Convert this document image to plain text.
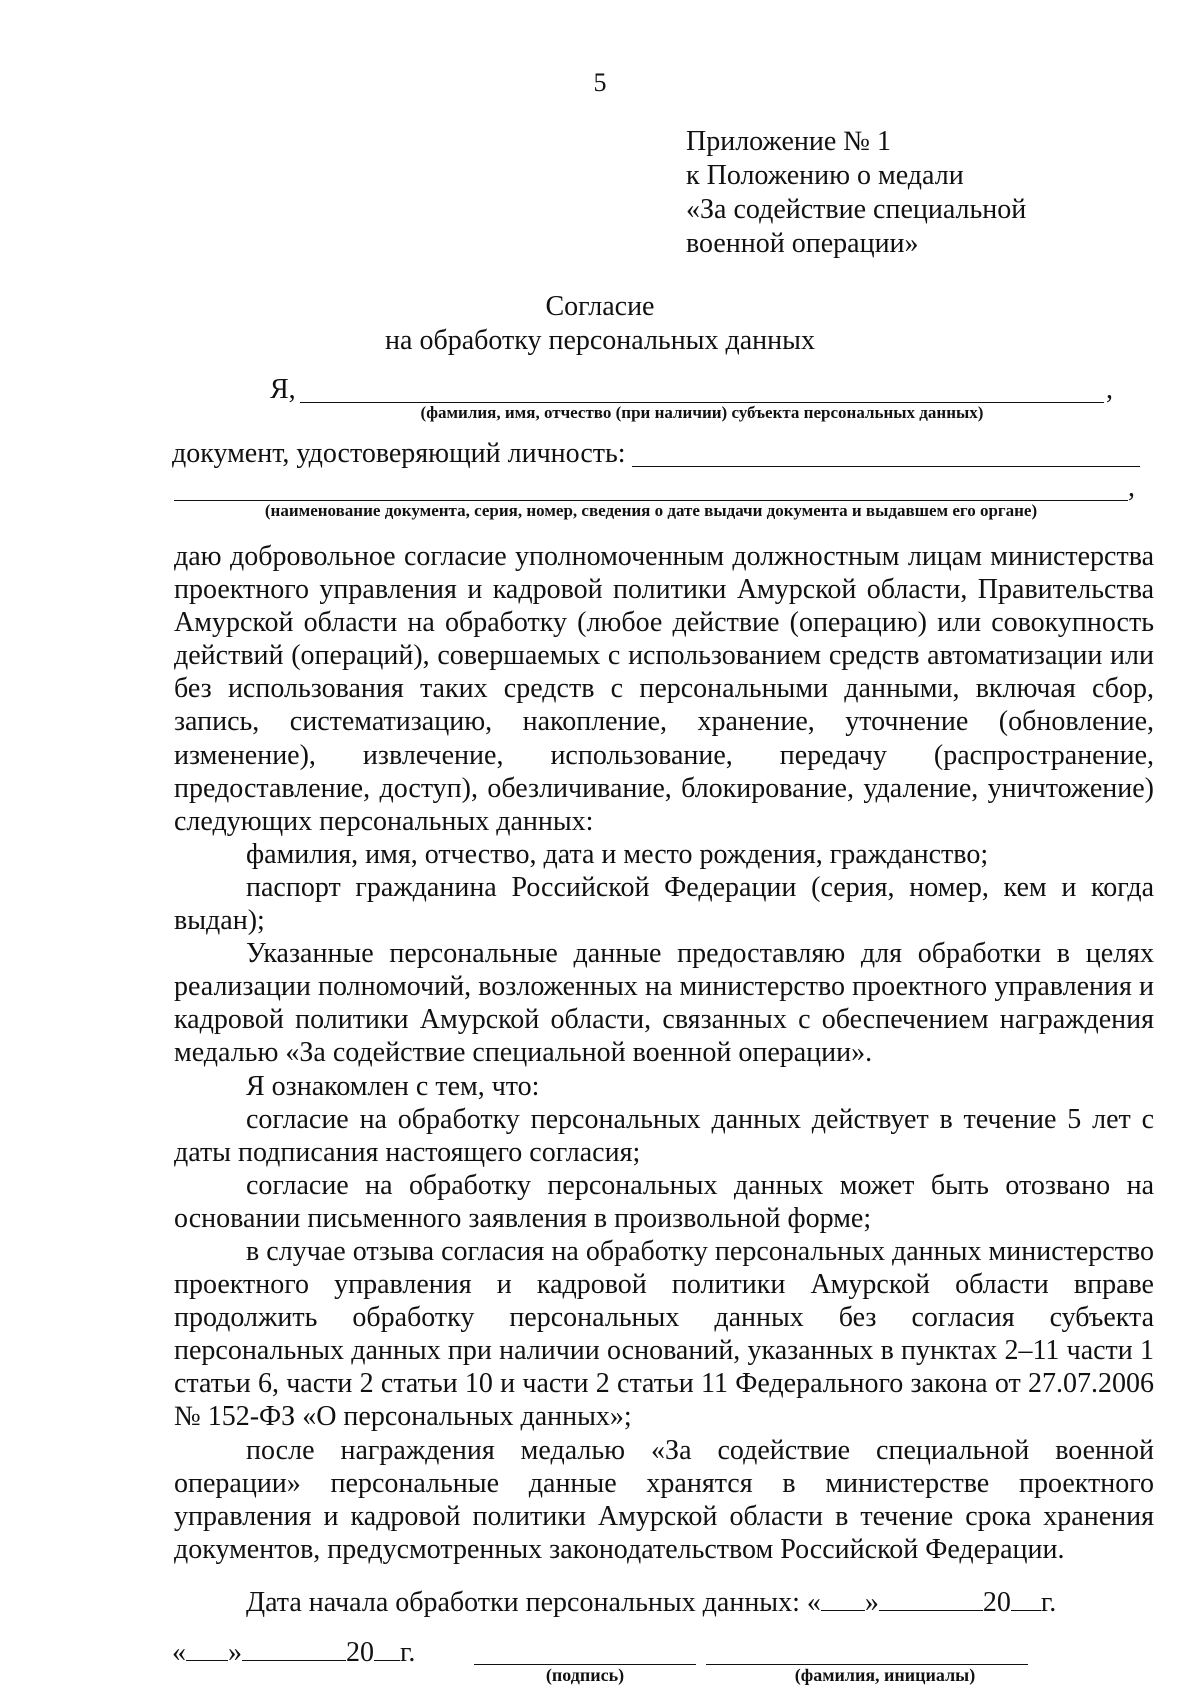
5
Приложение № 1
к Положению о медали
«За содействие специальной
военной операции»
Согласие
на обработку персональных данных
Я,	,
(фамилия, имя, отчество (при наличии) субъекта персональных данных)
документ, удостоверяющий личность:
,
(наименование документа, серия, номер, сведения о дате выдачи документа и выдавшем его органе)

даю добровольное согласие уполномоченным должностным лицам министерства проектного управления и кадровой политики Амурской области, Правительства Амурской области на обработку (любое действие (операцию) или совокупность действий (операций), совершаемых с использованием средств автоматизации или без использования таких средств с персональными данными, включая сбор, запись, систематизацию, накопление, хранение, уточнение (обновление, изменение), извлечение, использование, передачу (распространение, предоставление, доступ), обезличивание, блокирование, удаление, уничтожение) следующих персональных данных:

фамилия, имя, отчество, дата и место рождения, гражданство;

паспорт гражданина Российской Федерации (серия, номер, кем и когда выдан);

Указанные персональные данные предоставляю для обработки в целях реализации полномочий, возложенных на министерство проектного управления и кадровой политики Амурской области, связанных с обеспечением награждения медалью «За содействие специальной военной операции».

Я ознакомлен с тем, что:

согласие на обработку персональных данных действует в течение 5 лет с даты подписания настоящего согласия;

согласие на обработку персональных данных может быть отозвано на основании письменного заявления в произвольной форме;

в случае отзыва согласия на обработку персональных данных министерство проектного управления и кадровой политики Амурской области вправе продолжить обработку персональных данных без согласия субъекта персональных данных при наличии оснований, указанных в пунктах 2–11 части 1 статьи 6, части 2 статьи 10 и части 2 статьи 11 Федерального закона от 27.07.2006 № 152-ФЗ «О персональных данных»;

после награждения медалью «За содействие специальной военной операции» персональные данные хранятся в министерстве проектного управления и кадровой политики Амурской области в течение срока хранения документов, предусмотренных законодательством Российской Федерации.

Дата начала обработки персональных данных: « »	20 г.
« »	20 г.
(подпись)	(фамилия, инициалы)
